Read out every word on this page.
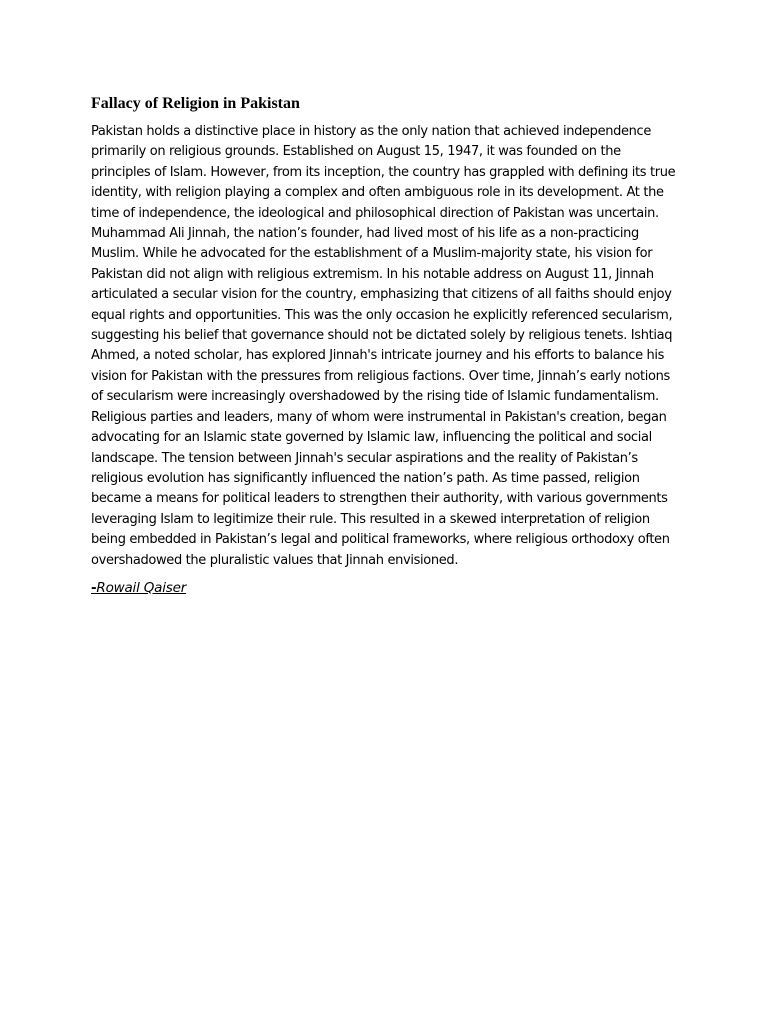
Fallacy of Religion in Pakistan

Pakistan holds a distinctive place in history as the only nation that achieved independence primarily on religious grounds. Established on August 15, 1947, it was founded on the principles of Islam. However, from its inception, the country has grappled with defining its true identity, with religion playing a complex and often ambiguous role in its development. At the time of independence, the ideological and philosophical direction of Pakistan was uncertain. Muhammad Ali Jinnah, the nation’s founder, had lived most of his life as a non-practicing Muslim. While he advocated for the establishment of a Muslim-majority state, his vision for Pakistan did not align with religious extremism. In his notable address on August 11, Jinnah articulated a secular vision for the country, emphasizing that citizens of all faiths should enjoy equal rights and opportunities. This was the only occasion he explicitly referenced secularism, suggesting his belief that governance should not be dictated solely by religious tenets. Ishtiaq Ahmed, a noted scholar, has explored Jinnah's intricate journey and his efforts to balance his vision for Pakistan with the pressures from religious factions. Over time, Jinnah’s early notions of secularism were increasingly overshadowed by the rising tide of Islamic fundamentalism. Religious parties and leaders, many of whom were instrumental in Pakistan's creation, began advocating for an Islamic state governed by Islamic law, influencing the political and social landscape. The tension between Jinnah's secular aspirations and the reality of Pakistan’s religious evolution has significantly influenced the nation’s path. As time passed, religion became a means for political leaders to strengthen their authority, with various governments leveraging Islam to legitimize their rule. This resulted in a skewed interpretation of religion being embedded in Pakistan’s legal and political frameworks, where religious orthodoxy often overshadowed the pluralistic values that Jinnah envisioned.

-Rowail Qaiser
